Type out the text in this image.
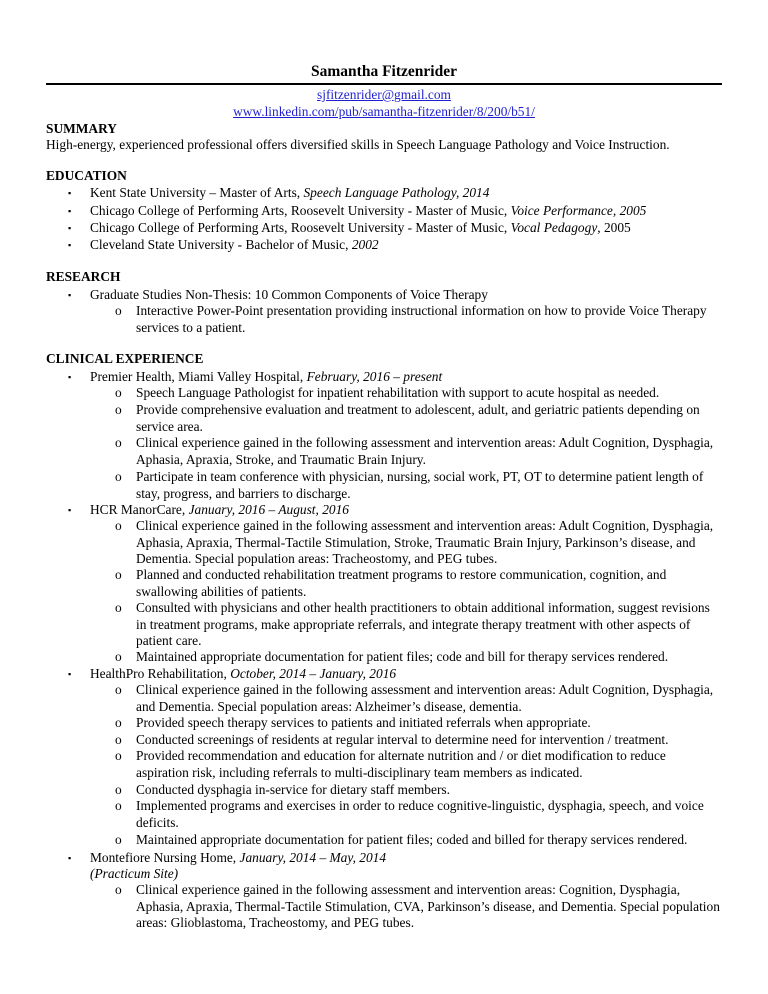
Samantha Fitzenrider
sjfitzenrider@gmail.com
www.linkedin.com/pub/samantha-fitzenrider/8/200/b51/
SUMMARY
High-energy, experienced professional offers diversified skills in Speech Language Pathology and Voice Instruction.
EDUCATION
▪	Kent State University – Master of Arts, Speech Language Pathology, 2014
▪	Chicago College of Performing Arts, Roosevelt University - Master of Music, Voice Performance, 2005
▪	Chicago College of Performing Arts, Roosevelt University - Master of Music, Vocal Pedagogy, 2005
▪	Cleveland State University - Bachelor of Music, 2002
RESEARCH
▪	Graduate Studies Non-Thesis: 10 Common Components of Voice Therapy
o	Interactive Power-Point presentation providing instructional information on how to provide Voice Therapy services to a patient.
CLINICAL EXPERIENCE
▪	Premier Health, Miami Valley Hospital, February, 2016 – present
o	Speech Language Pathologist for inpatient rehabilitation with support to acute hospital as needed.
o	Provide comprehensive evaluation and treatment to adolescent, adult, and geriatric patients depending on service area.
o	Clinical experience gained in the following assessment and intervention areas: Adult Cognition, Dysphagia, Aphasia, Apraxia, Stroke, and Traumatic Brain Injury.
o	Participate in team conference with physician, nursing, social work, PT, OT to determine patient length of stay, progress, and barriers to discharge.
▪	HCR ManorCare, January, 2016 – August, 2016
o	Clinical experience gained in the following assessment and intervention areas: Adult Cognition, Dysphagia, Aphasia, Apraxia, Thermal-Tactile Stimulation, Stroke, Traumatic Brain Injury, Parkinson’s disease, and Dementia. Special population areas: Tracheostomy, and PEG tubes.
o	Planned and conducted rehabilitation treatment programs to restore communication, cognition, and swallowing abilities of patients.
o	Consulted with physicians and other health practitioners to obtain additional information, suggest revisions in treatment programs, make appropriate referrals, and integrate therapy treatment with other aspects of patient care.
o	Maintained appropriate documentation for patient files; code and bill for therapy services rendered.
▪	HealthPro Rehabilitation, October, 2014 – January, 2016
o	Clinical experience gained in the following assessment and intervention areas: Adult Cognition, Dysphagia, and Dementia. Special population areas: Alzheimer’s disease, dementia.
o	Provided speech therapy services to patients and initiated referrals when appropriate.
o	Conducted screenings of residents at regular interval to determine need for intervention / treatment.
o	Provided recommendation and education for alternate nutrition and / or diet modification to reduce aspiration risk, including referrals to multi-disciplinary team members as indicated.
o	Conducted dysphagia in-service for dietary staff members.
o	Implemented programs and exercises in order to reduce cognitive-linguistic, dysphagia, speech, and voice deficits.
o	Maintained appropriate documentation for patient files; coded and billed for therapy services rendered.
▪	Montefiore Nursing Home, January, 2014 – May, 2014
(Practicum Site)
o	Clinical experience gained in the following assessment and intervention areas: Cognition, Dysphagia, Aphasia, Apraxia, Thermal-Tactile Stimulation, CVA, Parkinson’s disease, and Dementia. Special population areas: Glioblastoma, Tracheostomy, and PEG tubes.
